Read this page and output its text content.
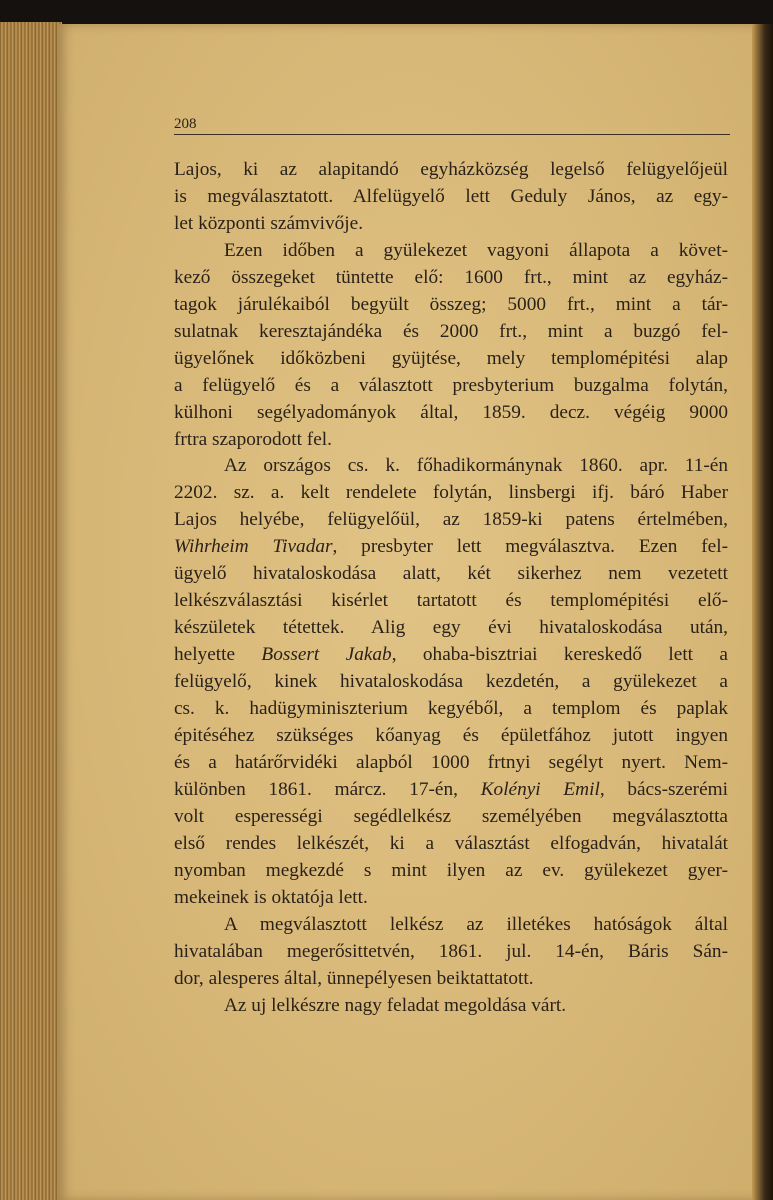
208
Lajos, ki az alapitandó egyházközség legelső felügyelőjeül
is megválasztatott. Alfelügyelő lett Geduly János, az egy-
let központi számvivője.
Ezen időben a gyülekezet vagyoni állapota a követ-
kező összegeket tüntette elő: 1600 frt., mint az egyház-
tagok járulékaiból begyült összeg; 5000 frt., mint a tár-
sulatnak keresztajándéka és 2000 frt., mint a buzgó fel-
ügyelőnek időközbeni gyüjtése, mely templomépitési alap
a felügyelő és a választott presbyterium buzgalma folytán,
külhoni segélyadományok által, 1859. decz. végéig 9000
frtra szaporodott fel.
Az országos cs. k. főhadikormánynak 1860. apr. 11-én
2202. sz. a. kelt rendelete folytán, linsbergi ifj. báró Haber
Lajos helyébe, felügyelőül, az 1859-ki patens értelmében,
Wihrheim Tivadar, presbyter lett megválasztva. Ezen fel-
ügyelő hivataloskodása alatt, két sikerhez nem vezetett
lelkészválasztási kisérlet tartatott és templomépitési elő-
készületek tétettek. Alig egy évi hivataloskodása után,
helyette Bossert Jakab, ohaba-bisztriai kereskedő lett a
felügyelő, kinek hivataloskodása kezdetén, a gyülekezet a
cs. k. hadügyminiszterium kegyéből, a templom és paplak
épitéséhez szükséges kőanyag és épületfához jutott ingyen
és a határőrvidéki alapból 1000 frtnyi segélyt nyert. Nem-
különben 1861. márcz. 17-én, Kolényi Emil, bács-szerémi
volt esperességi segédlelkész személyében megválasztotta
első rendes lelkészét, ki a választást elfogadván, hivatalát
nyomban megkezdé s mint ilyen az ev. gyülekezet gyer-
mekeinek is oktatója lett.
A megválasztott lelkész az illetékes hatóságok által
hivatalában megerősittetvén, 1861. jul. 14-én, Báris Sán-
dor, alesperes által, ünnepélyesen beiktattatott.
Az uj lelkészre nagy feladat megoldása várt.
